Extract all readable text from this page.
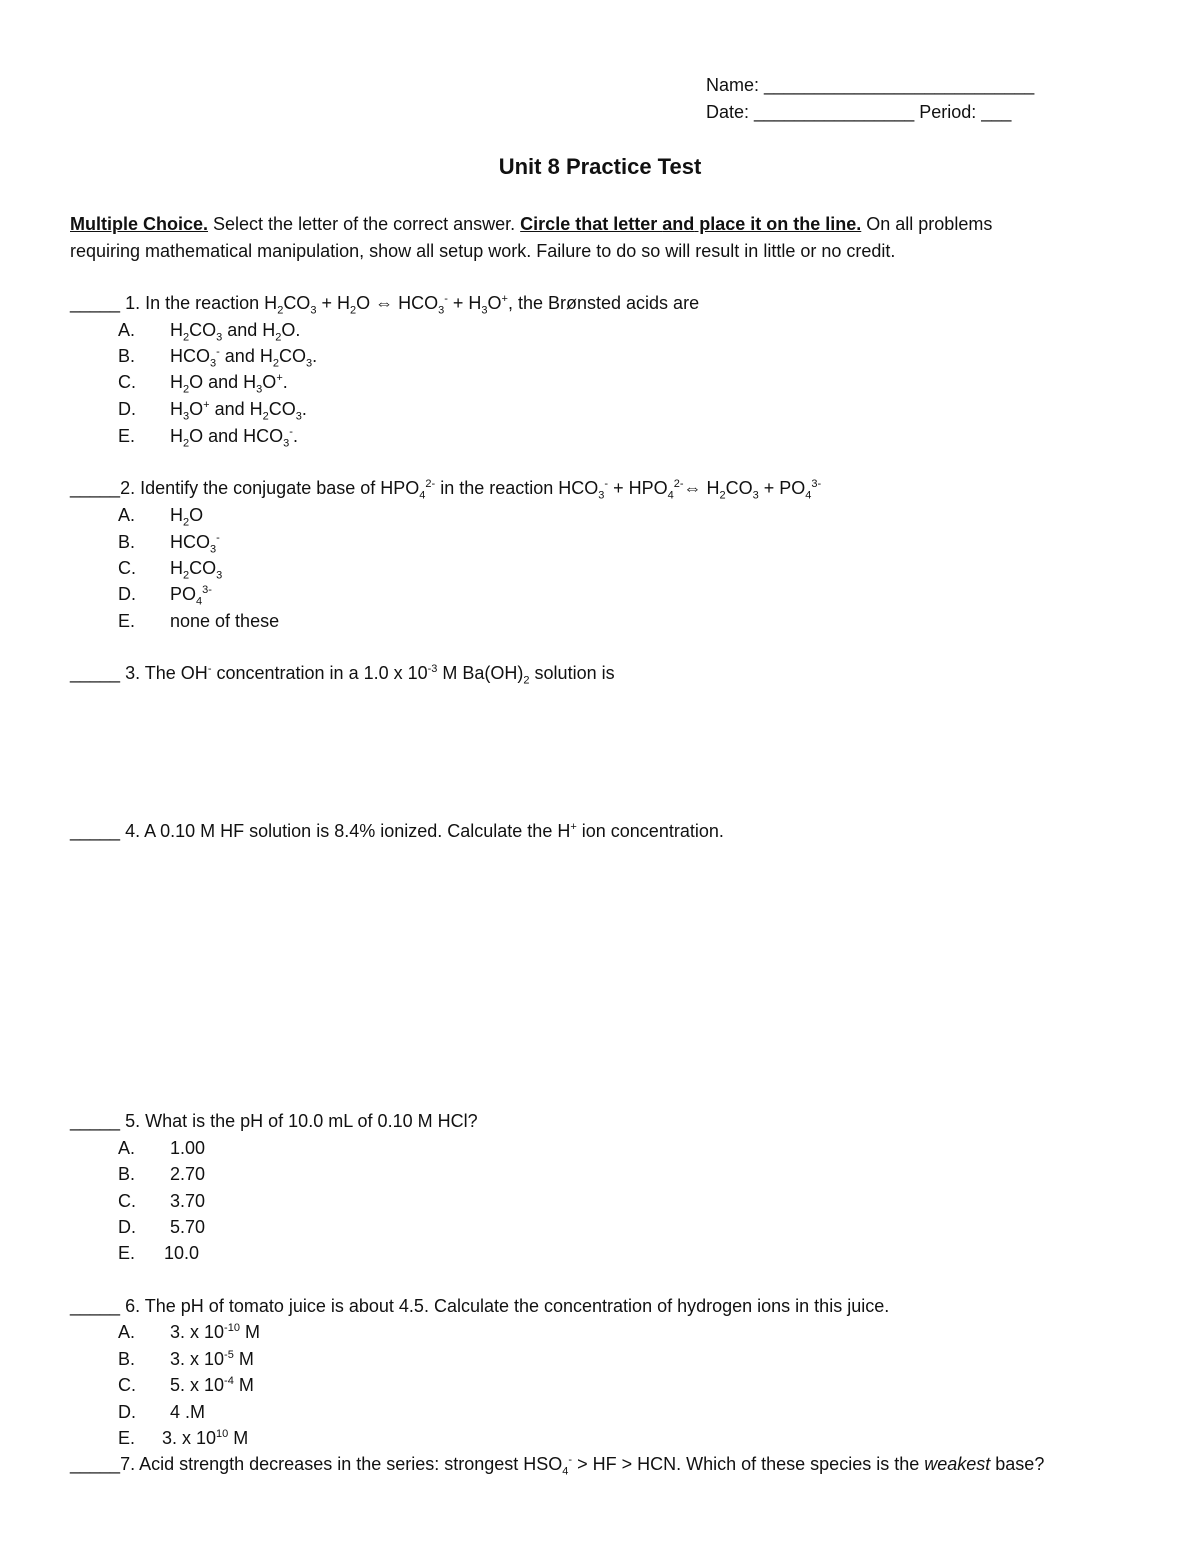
Name: ___________________________
Date: ________________ Period: ___
Unit 8 Practice Test
Multiple Choice. Select the letter of the correct answer. Circle that letter and place it on the line. On all problems
requiring mathematical manipulation, show all setup work. Failure to do so will result in little or no credit.
_____ 1. In the reaction $H_2CO_3 + H_2O$ ⇔ $HCO_3^- + H_3O^+$, the Brønsted acids are
A. $H_2CO_3$ and $H_2O$.
B. $HCO_3^-$ and $H_2CO_3$.
C. $H_2O$ and $H_3O^+$.
D. $H_3O^+$ and $H_2CO_3$.
E. $H_2O$ and $HCO_3^-$.
_____2. Identify the conjugate base of $HPO_4^{2-}$ in the reaction $HCO_3^-$ + $HPO_4^{2-}\Leftrightarrow$ $H_2CO_3 + PO_4^{3-}$
A. $H_2O$
B. $HCO_3^-$
C. $H_2CO_3$
D. $PO_4^{3-}$
E. none of these
_____ 3. The OH- concentration in a 1.0 x $10^{-3}$ M $Ba(OH)_2$ solution is
_____ 4. A 0.10 M HF solution is 8.4% ionized. Calculate the H+ ion concentration.
_____ 5. What is the pH of 10.0 mL of 0.10 M HCl?
A. 1.00
B. 2.70
C. 3.70
D. 5.70
E. 10.0
_____ 6. The pH of tomato juice is about 4.5. Calculate the concentration of hydrogen ions in this juice.
A. 3. x $10^{-10}$ M
B. 3. x $10^{-5}$ M
C. 5. x $10^{-4}$ M
D. 4 .M
E. 3. x $10^{10}$ M
_____7. Acid strength decreases in the series: strongest $HSO_4^-$ > HF > HCN. Which of these species is the weakest base?
